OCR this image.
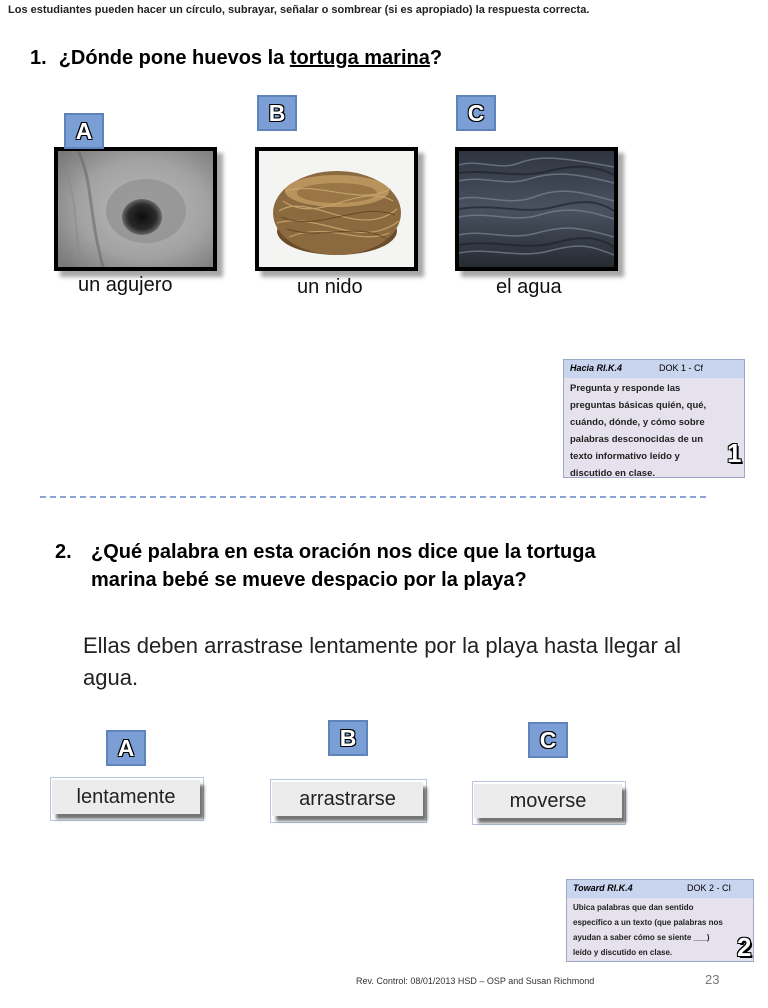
Los estudiantes pueden hacer un círculo, subrayar, señalar o sombrear (si es apropiado) la respuesta correcta.
1. ¿Dónde pone huevos la tortuga marina?
A
un agujero
B
un nido
C
el agua
Hacia RI.K.4	DOK 1 - Cf
Pregunta y responde las
preguntas básicas quién, qué,
cuándo, dónde, y cómo sobre
palabras desconocidas de un
texto informativo leído y
discutido en clase.
1
2. ¿Qué palabra en esta oración nos dice que la tortuga marina bebé se mueve despacio por la playa?
Ellas deben arrastrase lentamente por la playa hasta llegar al agua.
lentamente
A
arrastrarse
B
moverse
C
Toward RI.K.4	DOK 2 - CI
Ubica palabras que dan sentido
específico a un texto (que palabras nos
ayudan a saber cómo se siente ___)
leído y discutido en clase.	2
Rev. Control: 08/01/2013 HSD – OSP and Susan Richmond	23
